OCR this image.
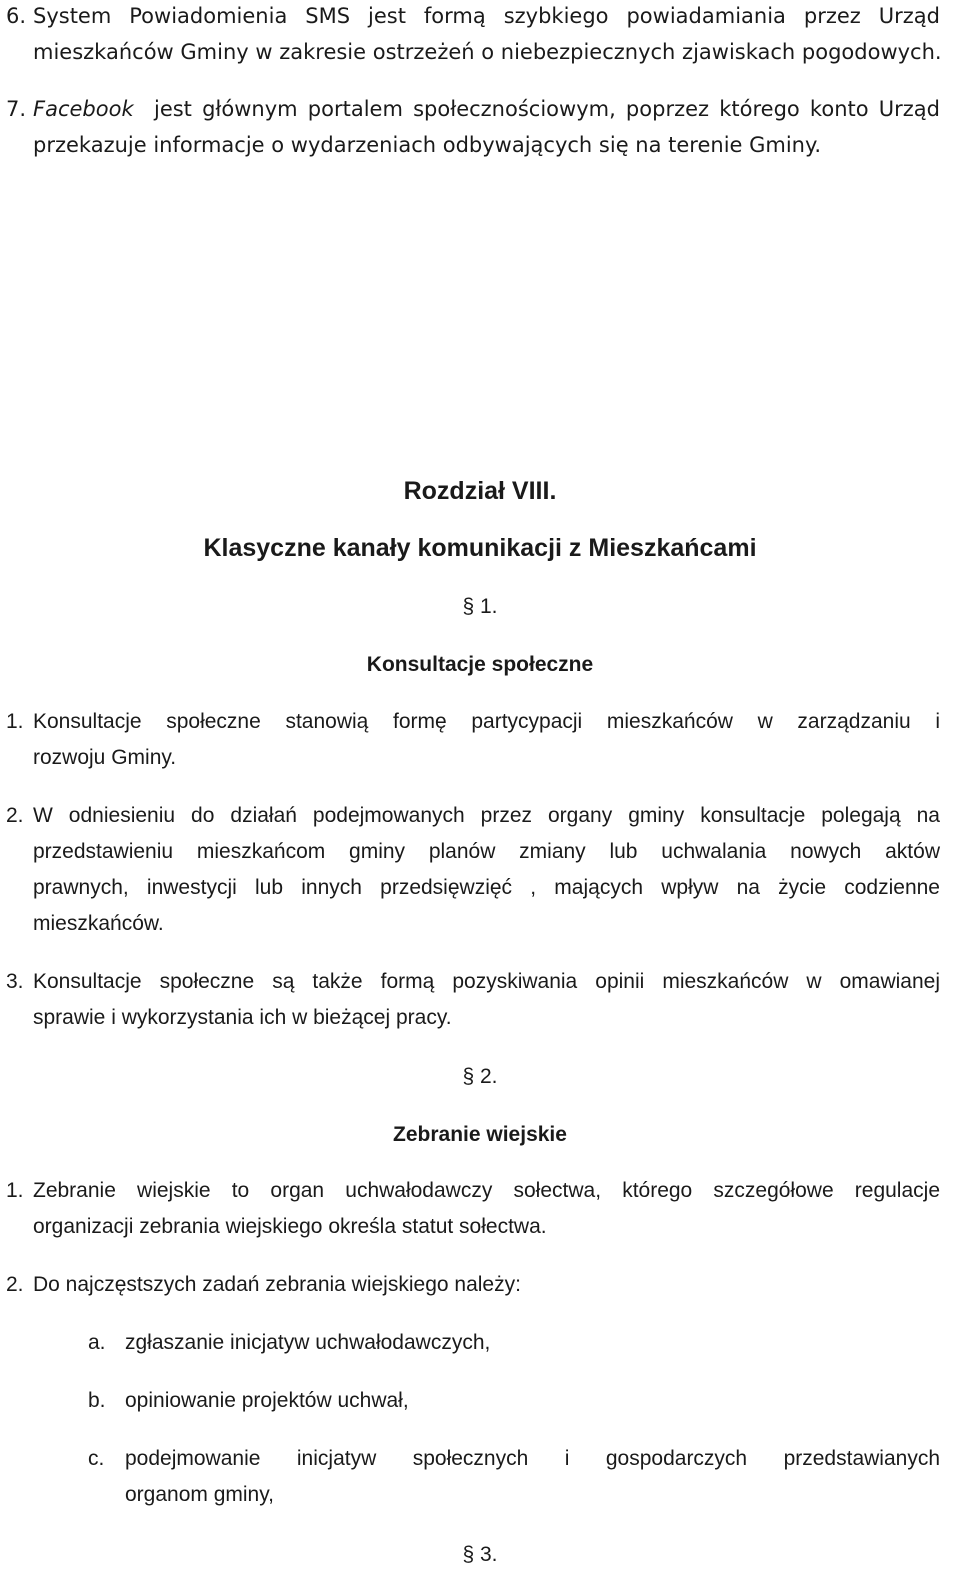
6. System Powiadomienia SMS jest formą szybkiego powiadamiania przez Urząd
mieszkańców Gminy w zakresie ostrzeżeń o niebezpiecznych zjawiskach pogodowych.
7. Facebook jest głównym portalem społecznościowym, poprzez którego konto Urząd
przekazuje informacje o wydarzeniach odbywających się na terenie Gminy.
Rozdział VIII.
Klasyczne kanały komunikacji z Mieszkańcami
§ 1.
Konsultacje społeczne
1. Konsultacje społeczne stanowią formę partycypacji mieszkańców w zarządzaniu i
rozwoju Gminy.
2. W odniesieniu do działań podejmowanych przez organy gminy konsultacje polegają na
przedstawieniu mieszkańcom gminy planów zmiany lub uchwalania nowych aktów
prawnych, inwestycji lub innych przedsięwzięć , mających wpływ na życie codzienne
mieszkańców.
3. Konsultacje społeczne są także formą pozyskiwania opinii mieszkańców w omawianej
sprawie i wykorzystania ich w bieżącej pracy.
§ 2.
Zebranie wiejskie
1. Zebranie wiejskie to organ uchwałodawczy sołectwa, którego szczegółowe regulacje
organizacji zebrania wiejskiego określa statut sołectwa.
2. Do najczęstszych zadań zebrania wiejskiego należy:
a. zgłaszanie inicjatyw uchwałodawczych,
b. opiniowanie projektów uchwał,
c. podejmowanie inicjatyw społecznych i gospodarczych przedstawianych
organom gminy,
§ 3.
